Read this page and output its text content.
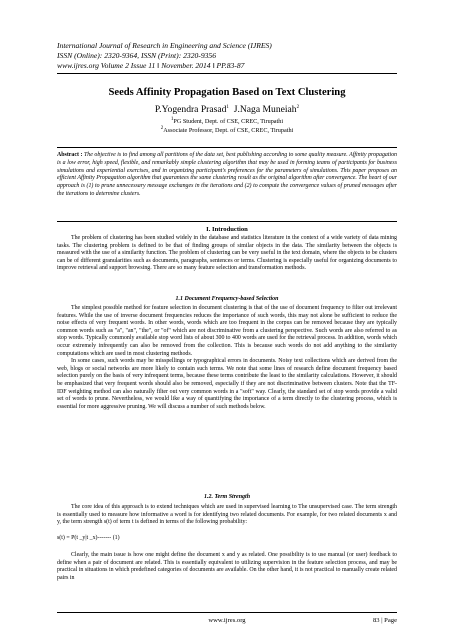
International Journal of Research in Engineering and Science (IJRES)
ISSN (Online): 2320-9364, ISSN (Print): 2320-9356
www.ijres.org Volume 2 Issue 11 ǁ November. 2014 ǁ PP.83-87
Seeds Affinity Propagation Based on Text Clustering
P.Yogendra Prasad$^1$ J.Naga Muneiah$^2$
$^1$PG Student, Dept. of CSE, CREC, Tirupathi
$^2$Associate Professor, Dept. of CSE, CREC, Tirupathi
Abstract : The objective is to find among all partitions of the data set, best publishing according to some quality measure. Affinity propagation is a low error, high speed, flexible, and remarkably simple clustering algorithm that may be used in forming teams of participants for business simulations and experiential exercises, and in organizing participant's preferences for the parameters of simulations. This paper proposes an efficient Affinity Propagation algorithm that guarantees the same clustering result as the original algorithm after convergence. The heart of our approach is (1) to prune unnecessary message exchanges in the iterations and (2) to compute the convergence values of pruned messages after the iterations to determine clusters.
I. Introduction

The problem of clustering has been studied widely in the database and statistics literature in the context of a wide variety of data mining tasks. The clustering problem is defined to be that of finding groups of similar objects in the data. The similarity between the objects is measured with the use of a similarity function. The problem of clustering can be very useful in the text domain, where the objects to be clusters can be of different granularities such as documents, paragraphs, sentences or terms. Clustering is especially useful for organizing documents to improve retrieval and support browsing. There are so many feature selection and transformation methods.

1.1 Document Frequency-based Selection

The simplest possible method for feature selection in document clustering is that of the use of document frequency to filter out irrelevant features. While the use of inverse document frequencies reduces the importance of such words, this may not alone be sufficient to reduce the noise effects of very frequent words. In other words, words which are too frequent in the corpus can be removed because they are typically common words such as "a", "an", "the", or "of" which are not discriminative from a clustering perspective. Such words are also referred to as stop words. Typically commonly available stop word lists of about 300 to 400 words are used for the retrieval process. In addition, words which occur extremely infrequently can also be removed from the collection. This is because such words do not add anything to the similarity computations which are used in most clustering methods.

In some cases, such words may be misspellings or typographical errors in documents. Noisy text collections which are derived from the web, blogs or social networks are more likely to contain such terms. We note that some lines of research define document frequency based selection purely on the basis of very infrequent terms, because these terms contribute the least to the similarity calculations. However, it should be emphasized that very frequent words should also be removed, especially if they are not discriminative between clusters. Note that the TF-IDF weighting method can also naturally filter out very common words in a "soft" way. Clearly, the standard set of stop words provide a valid set of words to prune. Nevertheless, we would like a way of quantifying the importance of a term directly to the clustering process, which is essential for more aggressive pruning. We will discuss a number of such methods below.

1.2. Term Strength

The core idea of this approach is to extend techniques which are used in supervised learning to The unsupervised case. The term strength is essentially used to measure how informative a word is for identifying two related documents. For example, for two related documents x and y, the term strength s(t) of term t is defined in terms of the following probability:

s(t) = P(t _y|t _x)------- (1)

Clearly, the main issue is how one might define the document x and y as related. One possibility is to use manual (or user) feedback to define when a pair of document are related. This is essentially equivalent to utilizing supervision in the feature selection process, and may be practical in situations in which predefined categories of documents are available. On the other hand, it is not practical to manually create related pairs in

www.ijres.org	83 | Page
